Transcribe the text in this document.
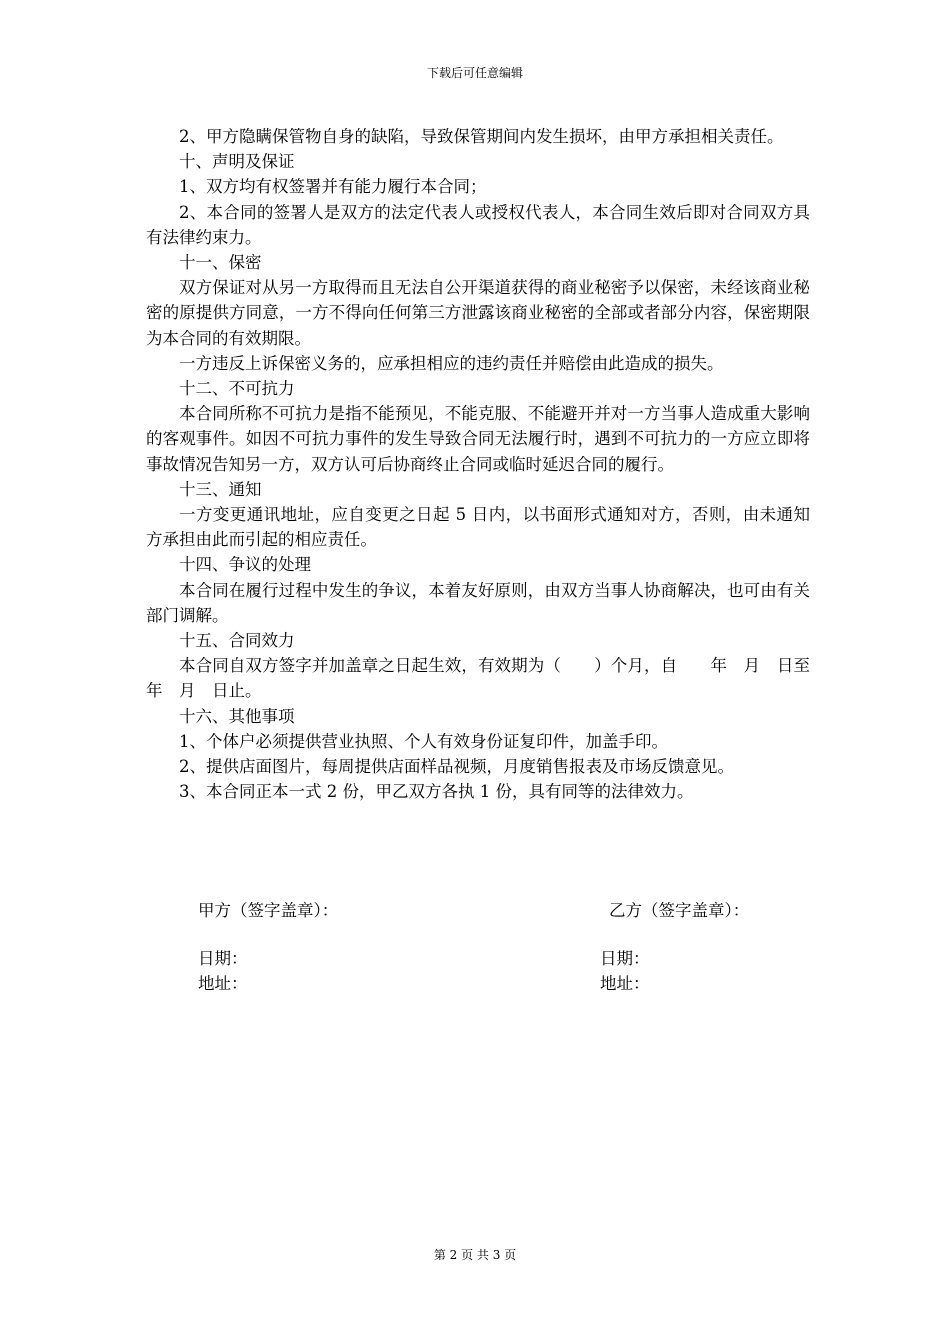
下载后可任意编辑

2、甲方隐瞒保管物自身的缺陷，导致保管期间内发生损坏，由甲方承担相关责任。

十、声明及保证

1、双方均有权签署并有能力履行本合同；

2、本合同的签署人是双方的法定代表人或授权代表人，本合同生效后即对合同双方具有法律约束力。

十一、保密

双方保证对从另一方取得而且无法自公开渠道获得的商业秘密予以保密，未经该商业秘密的原提供方同意，一方不得向任何第三方泄露该商业秘密的全部或者部分内容，保密期限为本合同的有效期限。

一方违反上诉保密义务的，应承担相应的违约责任并赔偿由此造成的损失。

十二、不可抗力

本合同所称不可抗力是指不能预见，不能克服、不能避开并对一方当事人造成重大影响的客观事件。如因不可抗力事件的发生导致合同无法履行时，遇到不可抗力的一方应立即将事故情况告知另一方，双方认可后协商终止合同或临时延迟合同的履行。

十三、通知

一方变更通讯地址，应自变更之日起 5 日内，以书面形式通知对方，否则，由未通知方承担由此而引起的相应责任。

十四、争议的处理

本合同在履行过程中发生的争议，本着友好原则，由双方当事人协商解决，也可由有关部门调解。

十五、合同效力

本合同自双方签字并加盖章之日起生效，有效期为（　　）个月，自　　年　月　日至　　年　月　日止。

十六、其他事项

1、个体户必须提供营业执照、个人有效身份证复印件，加盖手印。

2、提供店面图片，每周提供店面样品视频，月度销售报表及市场反馈意见。

3、本合同正本一式 2 份，甲乙双方各执 1 份，具有同等的法律效力。

甲方（签字盖章）：
日期：
地址：
乙方（签字盖章）：
日期：
地址：
第 2 页 共 3 页
